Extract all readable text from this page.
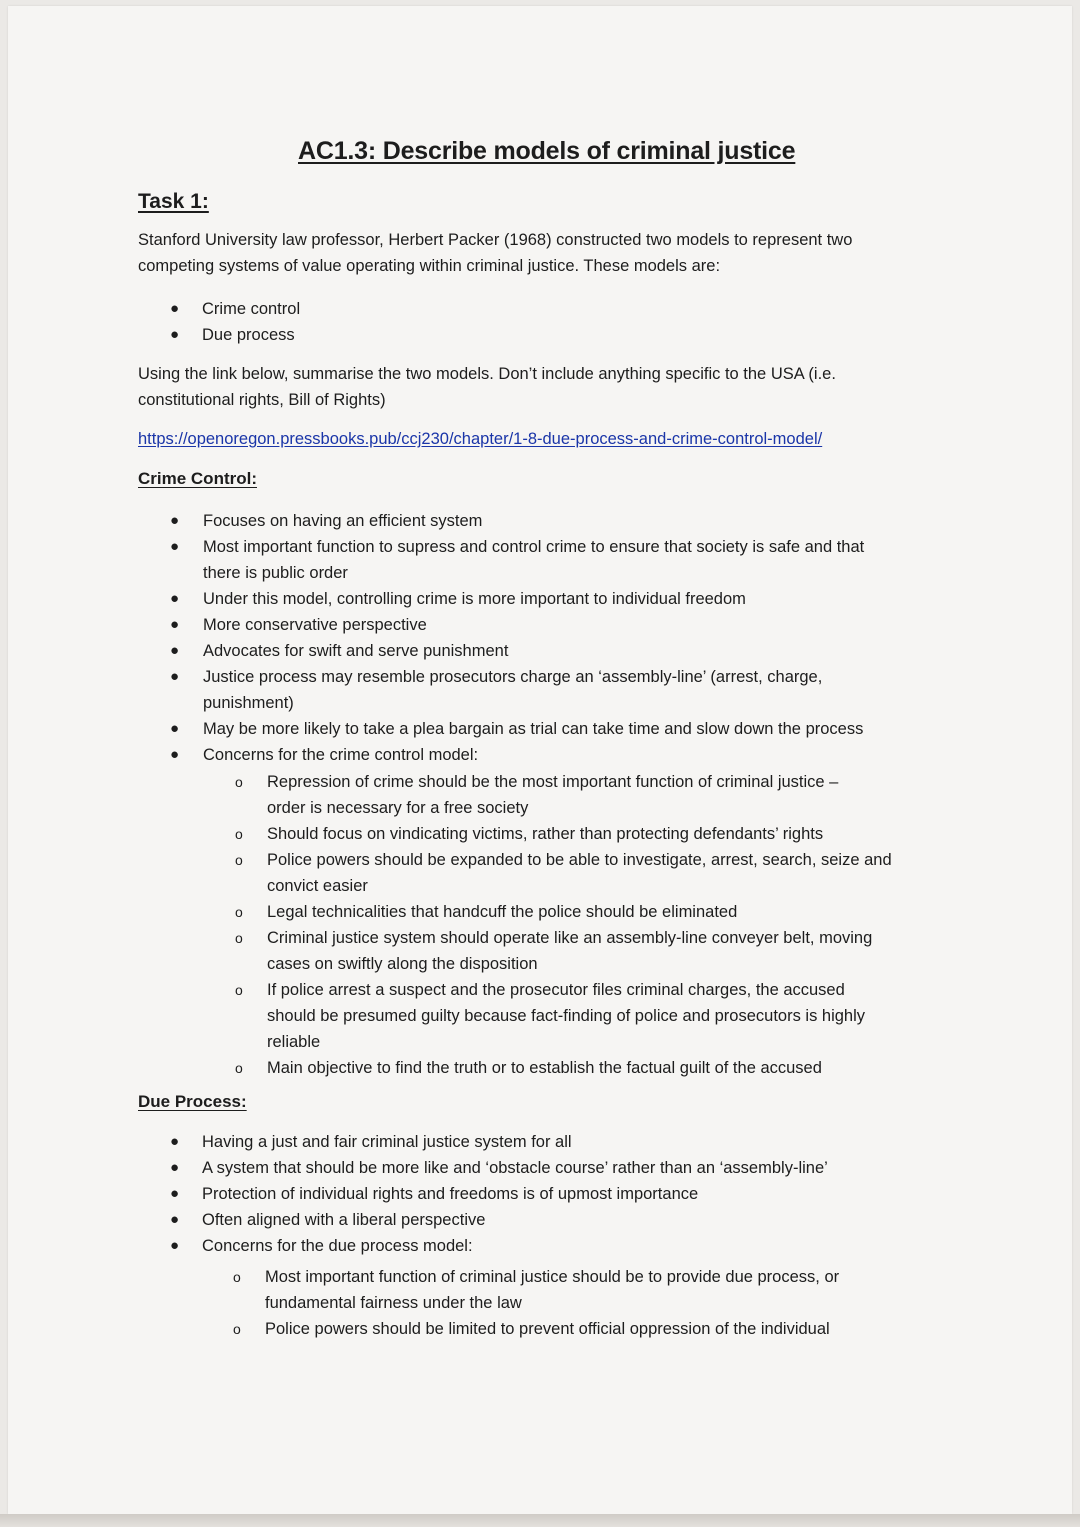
AC1.3: Describe models of criminal justice
Task 1:
Stanford University law professor, Herbert Packer (1968) constructed two models to represent two
competing systems of value operating within criminal justice. These models are:
● Crime control
● Due process
Using the link below, summarise the two models. Don’t include anything specific to the USA (i.e.
constitutional rights, Bill of Rights)
https://openoregon.pressbooks.pub/ccj230/chapter/1-8-due-process-and-crime-control-model/
Crime Control:
● Focuses on having an efficient system
● Most important function to supress and control crime to ensure that society is safe and that
there is public order
● Under this model, controlling crime is more important to individual freedom
● More conservative perspective
● Advocates for swift and serve punishment
● Justice process may resemble prosecutors charge an ‘assembly-line’ (arrest, charge,
punishment)
● May be more likely to take a plea bargain as trial can take time and slow down the process
● Concerns for the crime control model:
o Repression of crime should be the most important function of criminal justice –
order is necessary for a free society
o Should focus on vindicating victims, rather than protecting defendants’ rights
o Police powers should be expanded to be able to investigate, arrest, search, seize and
convict easier
o Legal technicalities that handcuff the police should be eliminated
o Criminal justice system should operate like an assembly-line conveyer belt, moving
cases on swiftly along the disposition
o If police arrest a suspect and the prosecutor files criminal charges, the accused
should be presumed guilty because fact-finding of police and prosecutors is highly
reliable
o Main objective to find the truth or to establish the factual guilt of the accused
Due Process:
● Having a just and fair criminal justice system for all
● A system that should be more like and ‘obstacle course’ rather than an ‘assembly-line’
● Protection of individual rights and freedoms is of upmost importance
● Often aligned with a liberal perspective
● Concerns for the due process model:
o Most important function of criminal justice should be to provide due process, or
fundamental fairness under the law
o Police powers should be limited to prevent official oppression of the individual
